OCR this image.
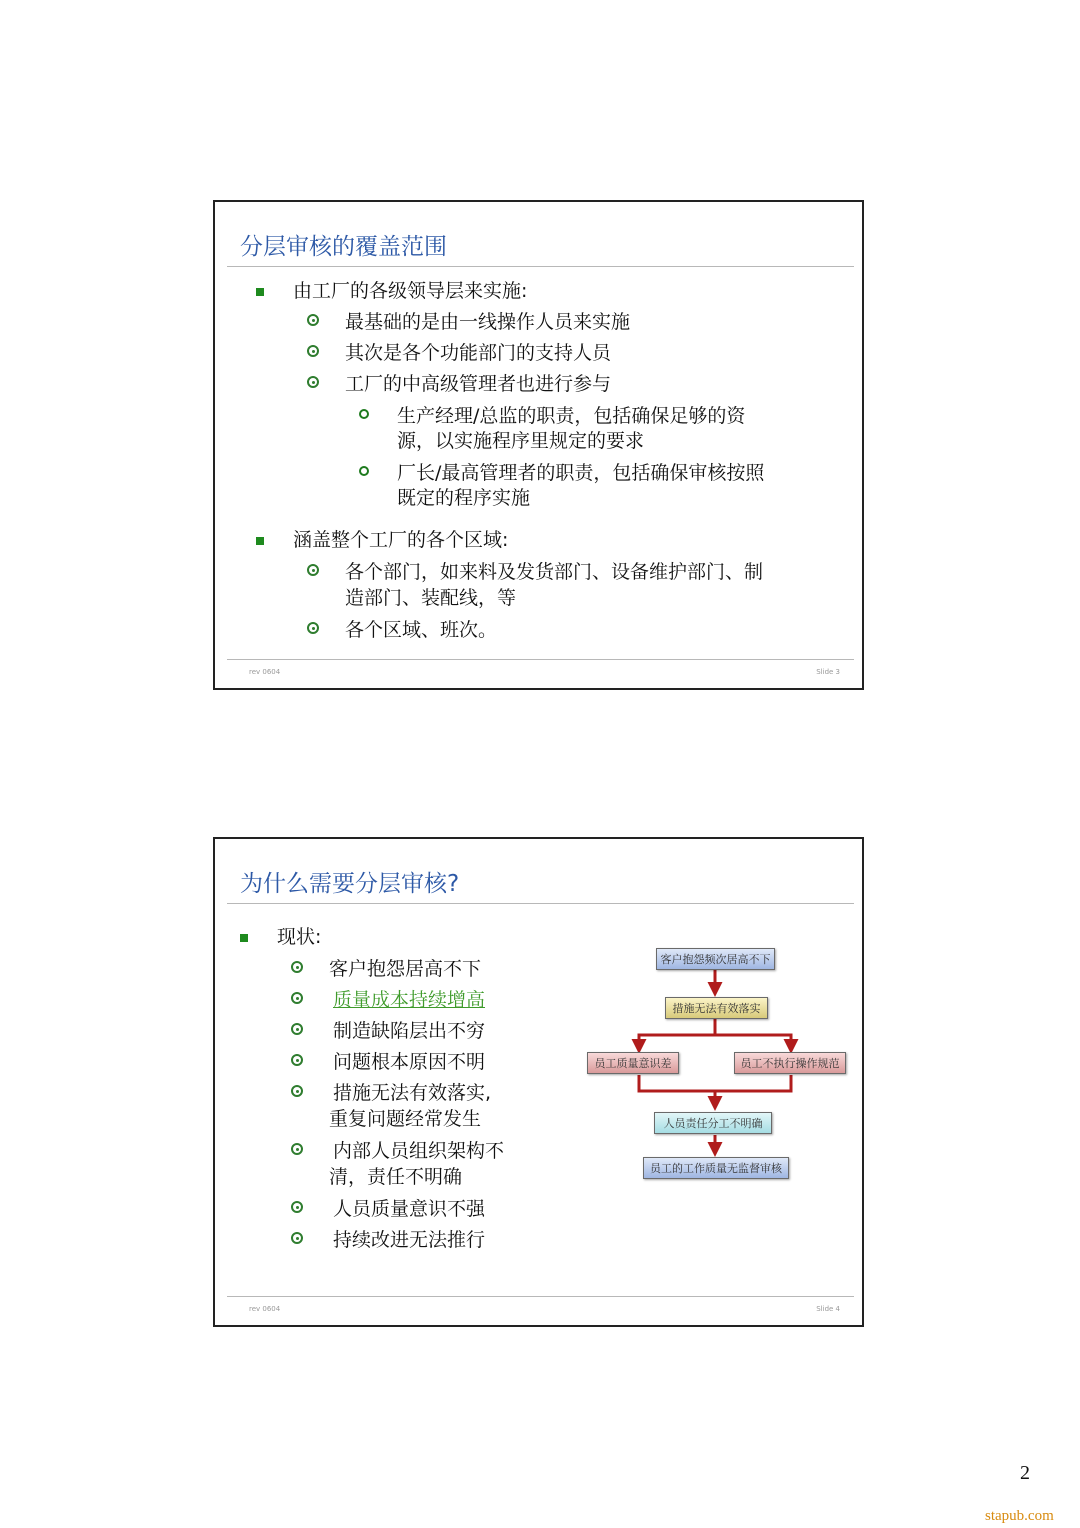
分层审核的覆盖范围
由工厂的各级领导层来实施:
最基础的是由一线操作人员来实施
其次是各个功能部门的支持人员
工厂的中高级管理者也进行参与
生产经理/总监的职责，包括确保足够的资
源，以实施程序里规定的要求
厂长/最高管理者的职责，包括确保审核按照
既定的程序实施
涵盖整个工厂的各个区域:
各个部门，如来料及发货部门、设备维护部门、制
造部门、装配线，等
各个区域、班次。
rev 0604	Slide 3
为什么需要分层审核?
现状:
客户抱怨居高不下
质量成本持续增高
制造缺陷层出不穷
问题根本原因不明
措施无法有效落实,
重复问题经常发生
内部人员组织架构不
清，责任不明确
人员质量意识不强
持续改进无法推行
客户抱怨频次居高不下
措施无法有效落实
员工质量意识差	员工不执行操作规范
人员责任分工不明确
员工的工作质量无监督审核
rev 0604	Slide 4
2
stapub.com
